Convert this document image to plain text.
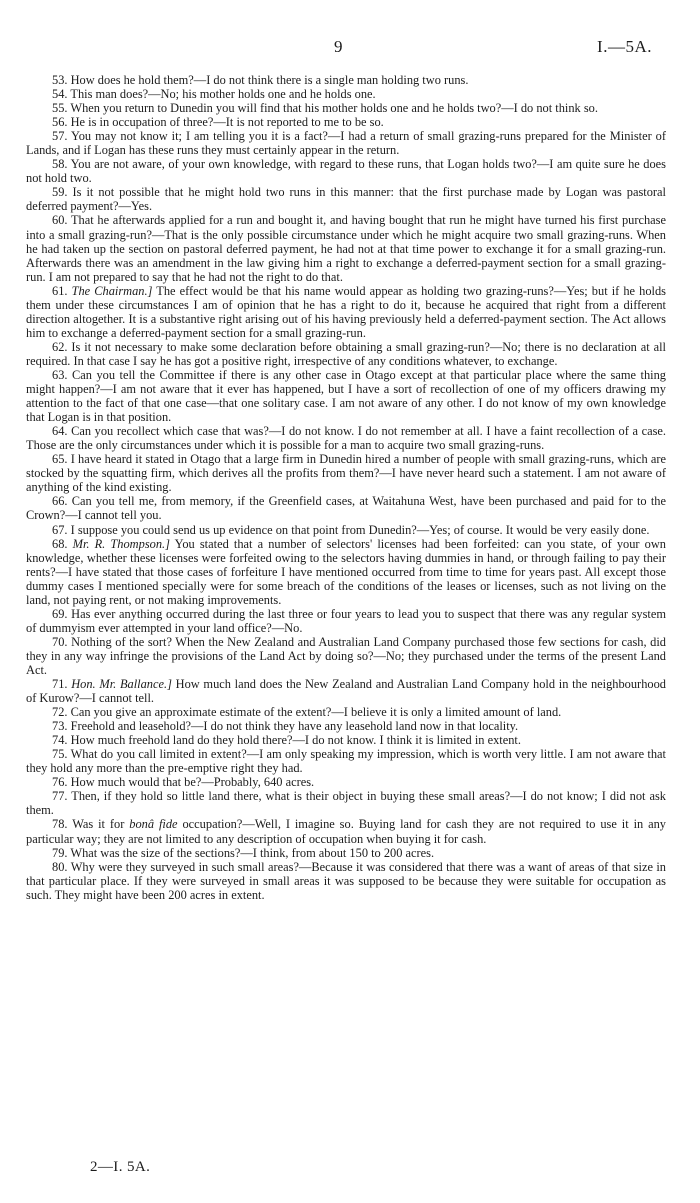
9	I.—5A.

53. How does he hold them?—I do not think there is a single man holding two runs.

54. This man does?—No; his mother holds one and he holds one.

55. When you return to Dunedin you will find that his mother holds one and he holds two?—I do not think so.

56. He is in occupation of three?—It is not reported to me to be so.

57. You may not know it; I am telling you it is a fact?—I had a return of small grazing-runs prepared for the Minister of Lands, and if Logan has these runs they must certainly appear in the return.

58. You are not aware, of your own knowledge, with regard to these runs, that Logan holds two?—I am quite sure he does not hold two.

59. Is it not possible that he might hold two runs in this manner: that the first purchase made by Logan was pastoral deferred payment?—Yes.

60. That he afterwards applied for a run and bought it, and having bought that run he might have turned his first purchase into a small grazing-run?—That is the only possible circumstance under which he might acquire two small grazing-runs. When he had taken up the section on pastoral deferred payment, he had not at that time power to exchange it for a small grazing-run. Afterwards there was an amendment in the law giving him a right to exchange a deferred-payment section for a small grazing-run. I am not prepared to say that he had not the right to do that.

61. The Chairman.] The effect would be that his name would appear as holding two grazing-runs?—Yes; but if he holds them under these circumstances I am of opinion that he has a right to do it, because he acquired that right from a different direction altogether. It is a substantive right arising out of his having previously held a deferred-payment section. The Act allows him to exchange a deferred-payment section for a small grazing-run.

62. Is it not necessary to make some declaration before obtaining a small grazing-run?—No; there is no declaration at all required. In that case I say he has got a positive right, irrespective of any conditions whatever, to exchange.

63. Can you tell the Committee if there is any other case in Otago except at that particular place where the same thing might happen?—I am not aware that it ever has happened, but I have a sort of recollection of one of my officers drawing my attention to the fact of that one case—that one solitary case. I am not aware of any other. I do not know of my own knowledge that Logan is in that position.

64. Can you recollect which case that was?—I do not know. I do not remember at all. I have a faint recollection of a case. Those are the only circumstances under which it is possible for a man to acquire two small grazing-runs.

65. I have heard it stated in Otago that a large firm in Dunedin hired a number of people with small grazing-runs, which are stocked by the squatting firm, which derives all the profits from them?—I have never heard such a statement. I am not aware of anything of the kind existing.

66. Can you tell me, from memory, if the Greenfield cases, at Waitahuna West, have been purchased and paid for to the Crown?—I cannot tell you.

67. I suppose you could send us up evidence on that point from Dunedin?—Yes; of course. It would be very easily done.

68. Mr. R. Thompson.] You stated that a number of selectors' licenses had been forfeited: can you state, of your own knowledge, whether these licenses were forfeited owing to the selectors having dummies in hand, or through failing to pay their rents?—I have stated that those cases of forfeiture I have mentioned occurred from time to time for years past. All except those dummy cases I mentioned specially were for some breach of the conditions of the leases or licenses, such as not living on the land, not paying rent, or not making improvements.

69. Has ever anything occurred during the last three or four years to lead you to suspect that there was any regular system of dummyism ever attempted in your land office?—No.

70. Nothing of the sort? When the New Zealand and Australian Land Company purchased those few sections for cash, did they in any way infringe the provisions of the Land Act by doing so?—No; they purchased under the terms of the present Land Act.

71. Hon. Mr. Ballance.] How much land does the New Zealand and Australian Land Company hold in the neighbourhood of Kurow?—I cannot tell.

72. Can you give an approximate estimate of the extent?—I believe it is only a limited amount of land.

73. Freehold and leasehold?—I do not think they have any leasehold land now in that locality.

74. How much freehold land do they hold there?—I do not know. I think it is limited in extent.

75. What do you call limited in extent?—I am only speaking my impression, which is worth very little. I am not aware that they hold any more than the pre-emptive right they had.

76. How much would that be?—Probably, 640 acres.

77. Then, if they hold so little land there, what is their object in buying these small areas?—I do not know; I did not ask them.

78. Was it for bonâ fide occupation?—Well, I imagine so. Buying land for cash they are not required to use it in any particular way; they are not limited to any description of occupation when buying it for cash.

79. What was the size of the sections?—I think, from about 150 to 200 acres.

80. Why were they surveyed in such small areas?—Because it was considered that there was a want of areas of that size in that particular place. If they were surveyed in small areas it was supposed to be because they were suitable for occupation as such. They might have been 200 acres in extent.

2—I. 5A.
